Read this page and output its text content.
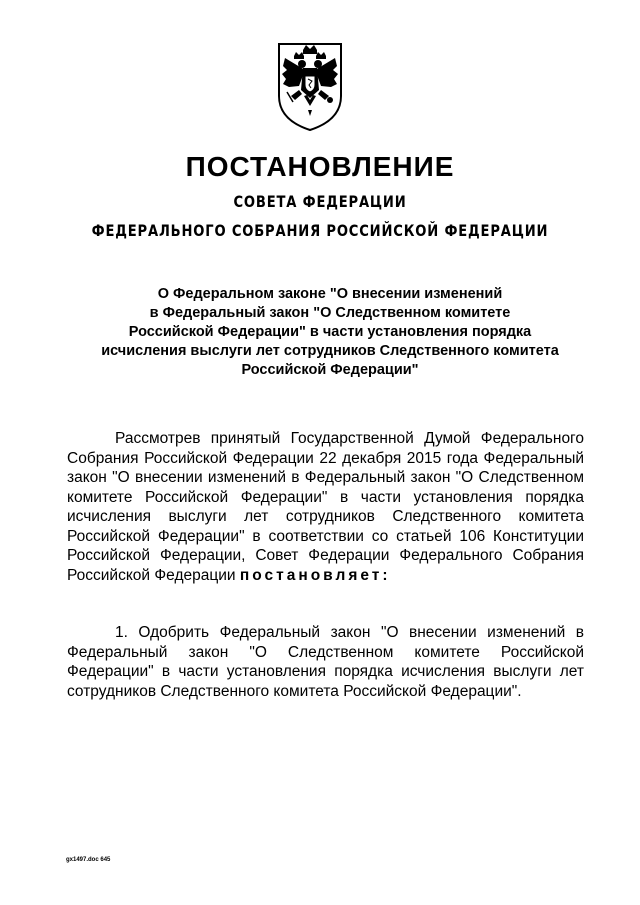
ПОСТАНОВЛЕНИЕ
СОВЕТА ФЕДЕРАЦИИ
ФЕДЕРАЛЬНОГО СОБРАНИЯ РОССИЙСКОЙ ФЕДЕРАЦИИ
О Федеральном законе "О внесении изменений
в Федеральный закон "О Следственном комитете
Российской Федерации" в части установления порядка
исчисления выслуги лет сотрудников Следственного комитета
Российской Федерации"
Рассмотрев принятый Государственной Думой Федерального Собрания Российской Федерации 22 декабря 2015 года Федеральный закон "О внесении изменений в Федеральный закон "О Следственном комитете Российской Федерации" в части установления порядка исчисления выслуги лет сотрудников Следственного комитета Российской Федерации" в соответствии со статьей 106 Конституции Российской Федерации, Совет Федерации Федерального Собрания Российской Федерации постановляет:
1. Одобрить Федеральный закон "О внесении изменений в Федеральный закон "О Следственном комитете Российской Федерации" в части установления порядка исчисления выслуги лет сотрудников Следственного комитета Российской Федерации".
gx1497.doc 645
